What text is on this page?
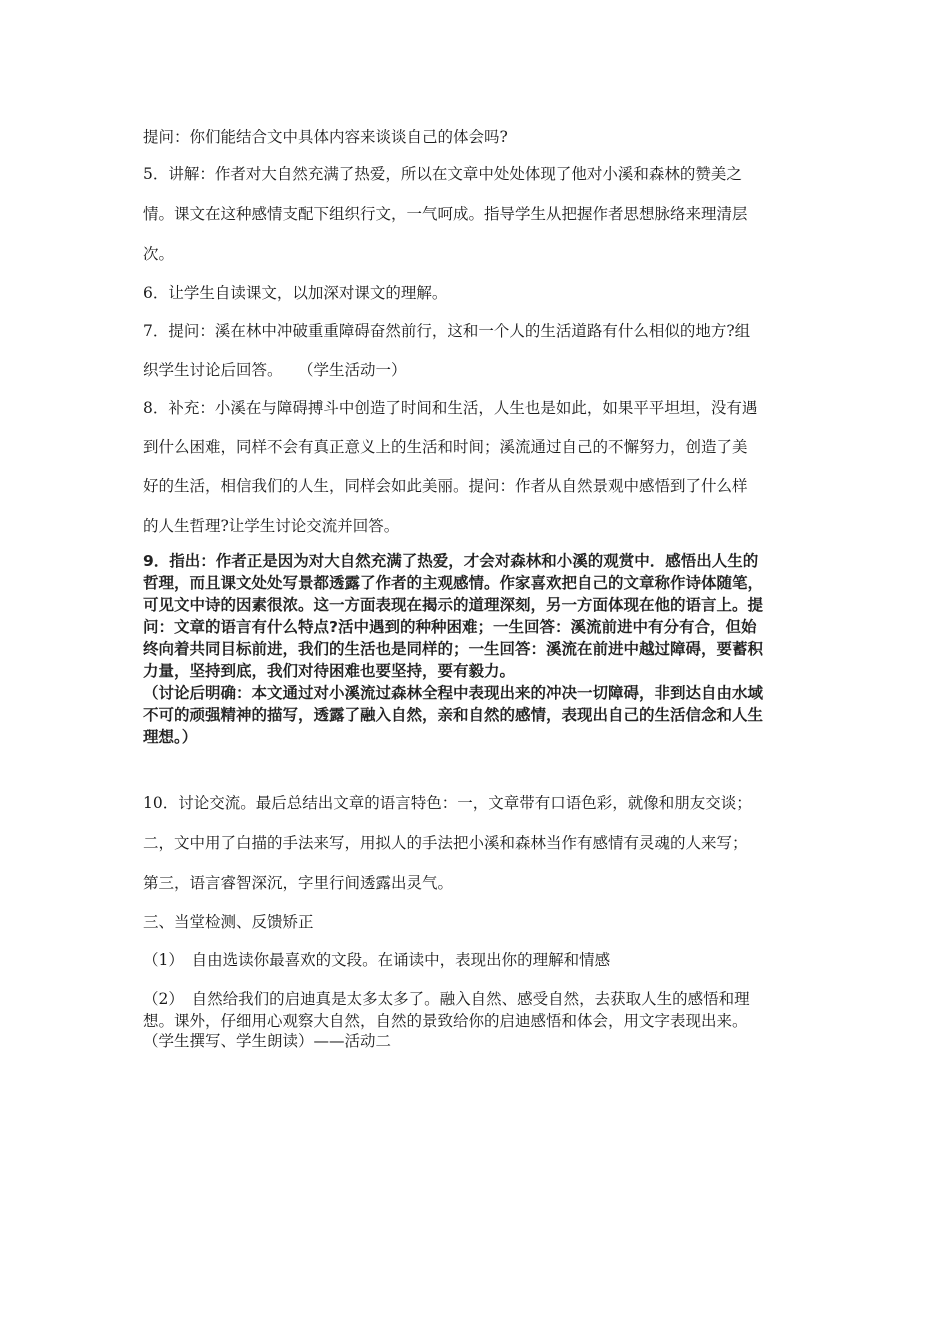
提问：你们能结合文中具体内容来谈谈自己的体会吗?
5．讲解：作者对大自然充满了热爱，所以在文章中处处体现了他对小溪和森林的赞美之
情。课文在这种感情支配下组织行文，一气呵成。指导学生从把握作者思想脉络来理清层
次。
6．让学生自读课文，以加深对课文的理解。
7．提问：溪在林中冲破重重障碍奋然前行，这和一个人的生活道路有什么相似的地方?组
织学生讨论后回答。　　（学生活动一）
8．补充：小溪在与障碍搏斗中创造了时间和生活，人生也是如此，如果平平坦坦，没有遇
到什么困难，同样不会有真正意义上的生活和时间；溪流通过自己的不懈努力，创造了美
好的生活，相信我们的人生，同样会如此美丽。提问：作者从自然景观中感悟到了什么样
的人生哲理?让学生讨论交流并回答。
9．指出：作者正是因为对大自然充满了热爱，才会对森林和小溪的观赏中．感悟出人生的
哲理，而且课文处处写景都透露了作者的主观感情。作家喜欢把自己的文章称作诗体随笔，
可见文中诗的因素很浓。这一方面表现在揭示的道理深刻，另一方面体现在他的语言上。提
问：文章的语言有什么特点?活中遇到的种种困难；一生回答：溪流前进中有分有合，但始
终向着共同目标前进，我们的生活也是同样的；一生回答：溪流在前进中越过障碍，要蓄积
力量，坚持到底，我们对待困难也要坚持，要有毅力。
（讨论后明确：本文通过对小溪流过森林全程中表现出来的冲决一切障碍，非到达自由水域
不可的顽强精神的描写，透露了融入自然，亲和自然的感情，表现出自己的生活信念和人生
理想。）
10．讨论交流。最后总结出文章的语言特色：一，文章带有口语色彩，就像和朋友交谈；
二，文中用了白描的手法来写，用拟人的手法把小溪和森林当作有感情有灵魂的人来写；
第三，语言睿智深沉，字里行间透露出灵气。
三、当堂检测、反馈矫正
（1）　自由选读你最喜欢的文段。在诵读中，表现出你的理解和情感
（2）　自然给我们的启迪真是太多太多了。融入自然、感受自然，去获取人生的感悟和理
想。课外，仔细用心观察大自然，自然的景致给你的启迪感悟和体会，用文字表现出来。
（学生撰写、学生朗读）——活动二
